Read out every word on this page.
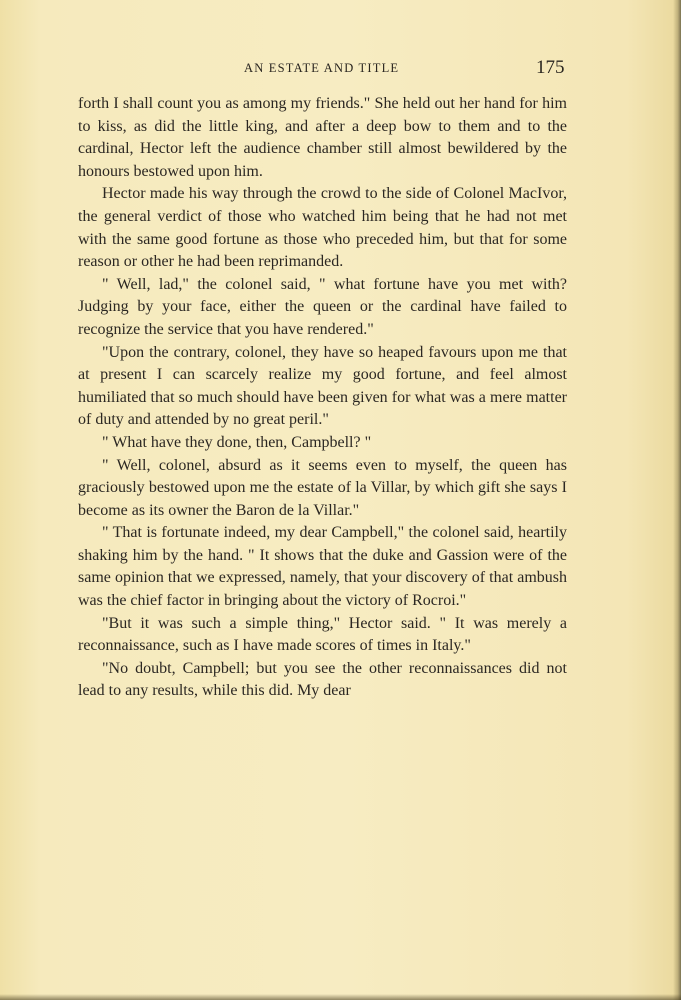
AN ESTATE AND TITLE	175

forth I shall count you as among my friends." She held out her hand for him to kiss, as did the little king, and after a deep bow to them and to the cardinal, Hector left the audience chamber still almost bewildered by the honours bestowed upon him.

Hector made his way through the crowd to the side of Colonel MacIvor, the general verdict of those who watched him being that he had not met with the same good fortune as those who preceded him, but that for some reason or other he had been reprimanded.

" Well, lad," the colonel said, " what fortune have you met with? Judging by your face, either the queen or the cardinal have failed to recognize the service that you have rendered."

"Upon the contrary, colonel, they have so heaped favours upon me that at present I can scarcely realize my good fortune, and feel almost humiliated that so much should have been given for what was a mere matter of duty and attended by no great peril."

" What have they done, then, Campbell? "

" Well, colonel, absurd as it seems even to myself, the queen has graciously bestowed upon me the estate of la Villar, by which gift she says I become as its owner the Baron de la Villar."

" That is fortunate indeed, my dear Campbell," the colonel said, heartily shaking him by the hand. " It shows that the duke and Gassion were of the same opinion that we expressed, namely, that your discovery of that ambush was the chief factor in bringing about the victory of Rocroi."

"But it was such a simple thing," Hector said. " It was merely a reconnaissance, such as I have made scores of times in Italy."

"No doubt, Campbell; but you see the other reconnaissances did not lead to any results, while this did. My dear
